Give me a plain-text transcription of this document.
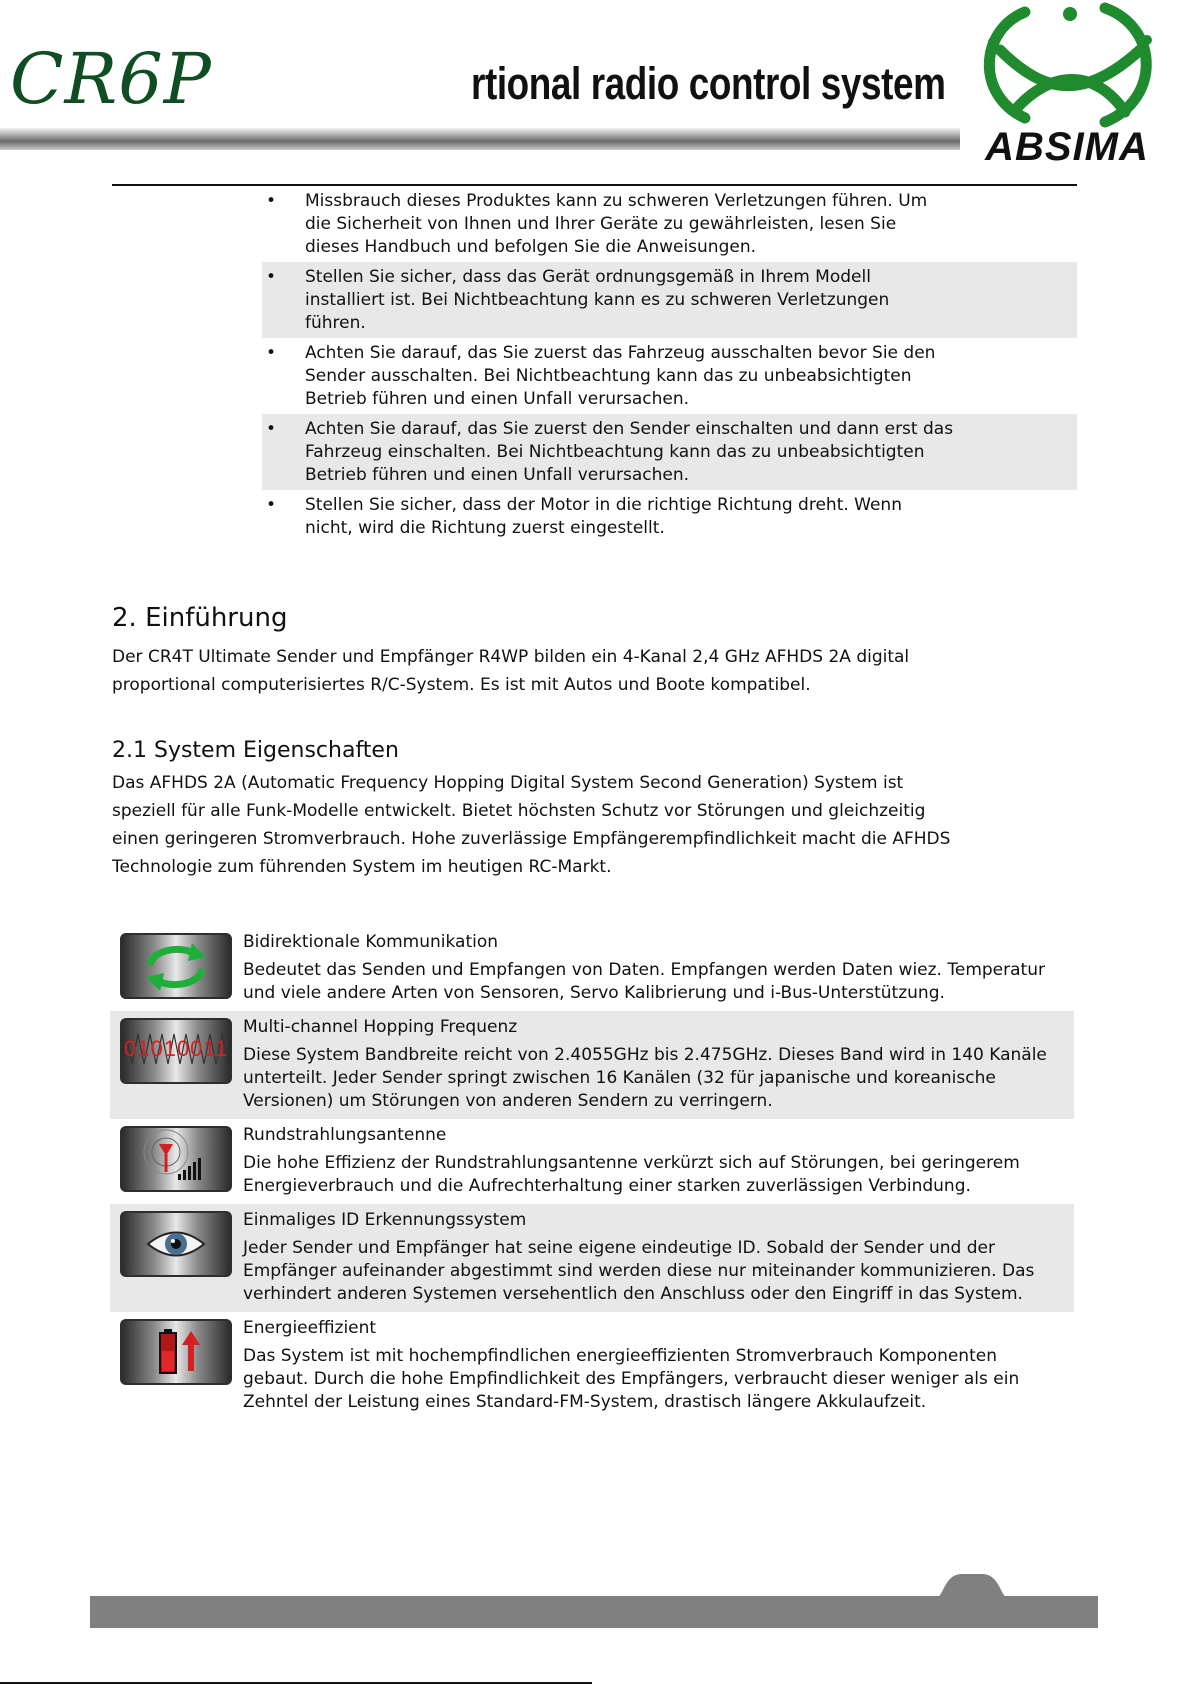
CR6P	rtional radio control system
ABSIMA
• Missbrauch dieses Produktes kann zu schweren Verletzungen führen. Um die Sicherheit von Ihnen und Ihrer Geräte zu gewährleisten, lesen Sie dieses Handbuch und befolgen Sie die Anweisungen.
• Stellen Sie sicher, dass das Gerät ordnungsgemäß in Ihrem Modell installiert ist. Bei Nichtbeachtung kann es zu schweren Verletzungen führen.
• Achten Sie darauf, das Sie zuerst das Fahrzeug ausschalten bevor Sie den Sender ausschalten. Bei Nichtbeachtung kann das zu unbeabsichtigten Betrieb führen und einen Unfall verursachen.
• Achten Sie darauf, das Sie zuerst den Sender einschalten und dann erst das Fahrzeug einschalten. Bei Nichtbeachtung kann das zu unbeabsichtigten Betrieb führen und einen Unfall verursachen.
• Stellen Sie sicher, dass der Motor in die richtige Richtung dreht. Wenn nicht, wird die Richtung zuerst eingestellt.
2. Einführung
Der CR4T Ultimate Sender und Empfänger R4WP bilden ein 4-Kanal 2,4 GHz AFHDS 2A digital proportional computerisiertes R/C-System. Es ist mit Autos und Boote kompatibel.
2.1 System Eigenschaften
Das AFHDS 2A (Automatic Frequency Hopping Digital System Second Generation) System ist speziell für alle Funk-Modelle entwickelt. Bietet höchsten Schutz vor Störungen und gleichzeitig einen geringeren Stromverbrauch. Hohe zuverlässige Empfängerempfindlichkeit macht die AFHDS Technologie zum führenden System im heutigen RC-Markt.
Bidirektionale Kommunikation
Bedeutet das Senden und Empfangen von Daten. Empfangen werden Daten wiez. Temperatur und viele andere Arten von Sensoren, Servo Kalibrierung und i-Bus-Unterstützung.
01010011
Multi-channel Hopping Frequenz
Diese System Bandbreite reicht von 2.4055GHz bis 2.475GHz. Dieses Band wird in 140 Kanäle unterteilt. Jeder Sender springt zwischen 16 Kanälen (32 für japanische und koreanische Versionen) um Störungen von anderen Sendern zu verringern.
Rundstrahlungsantenne
Die hohe Effizienz der Rundstrahlungsantenne verkürzt sich auf Störungen, bei geringerem Energieverbrauch und die Aufrechterhaltung einer starken zuverlässigen Verbindung.
Einmaliges ID Erkennungssystem
Jeder Sender und Empfänger hat seine eigene eindeutige ID. Sobald der Sender und der Empfänger aufeinander abgestimmt sind werden diese nur miteinander kommunizieren. Das verhindert anderen Systemen versehentlich den Anschluss oder den Eingriff in das System.
Energieeffizient
Das System ist mit hochempfindlichen energieeffizienten Stromverbrauch Komponenten gebaut. Durch die hohe Empfindlichkeit des Empfängers, verbraucht dieser weniger als ein Zehntel der Leistung eines Standard-FM-System, drastisch längere Akkulaufzeit.
